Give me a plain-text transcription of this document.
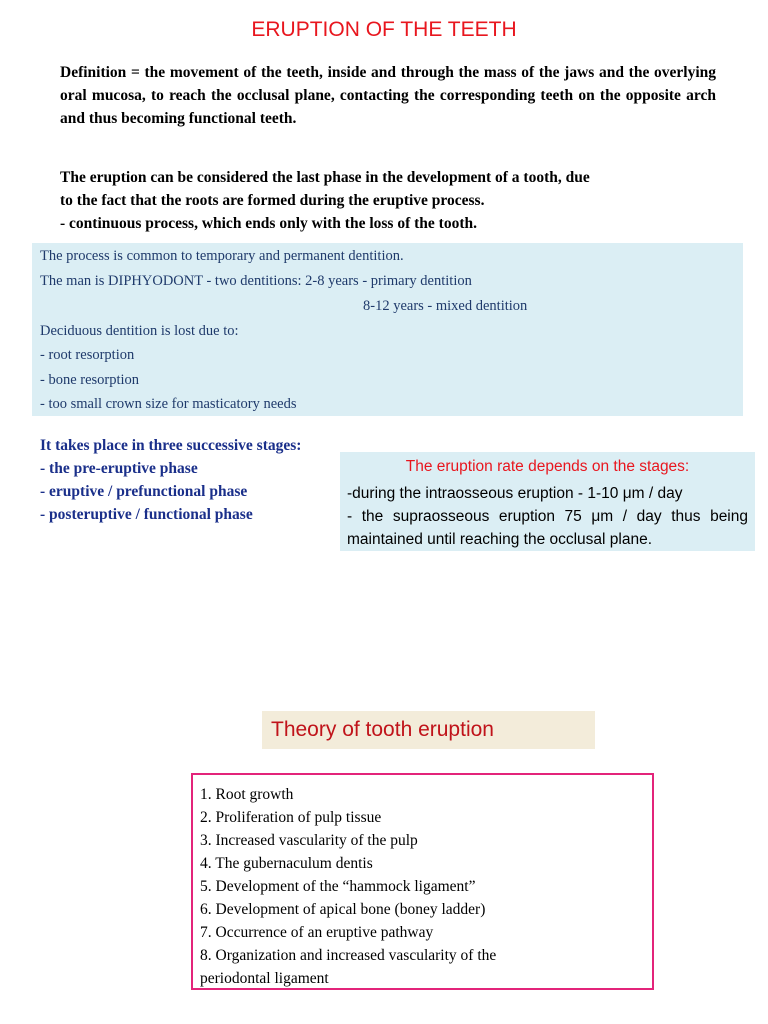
ERUPTION OF THE TEETH

Definition = the movement of the teeth, inside and through the mass of the jaws and the overlying oral mucosa, to reach the occlusal plane, contacting the corresponding teeth on the opposite arch and thus becoming functional teeth.

The eruption can be considered the last phase in the development of a tooth, due
to the fact that the roots are formed during the eruptive process.
- continuous process, which ends only with the loss of the tooth.
The process is common to temporary and permanent dentition.
The man is DIPHYODONT - two dentitions: 2-8 years - primary dentition
8-12 years - mixed dentition
Deciduous dentition is lost due to:
- root resorption
- bone resorption
- too small crown size for masticatory needs
It takes place in three successive stages:
- the pre-eruptive phase
- eruptive / prefunctional phase
- posteruptive / functional phase
The eruption rate depends on the stages:
-during the intraosseous eruption - 1-10 μm / day
- the supraosseous eruption 75 μm / day thus being
maintained until reaching the occlusal plane.
Theory of tooth eruption
1. Root growth
2. Proliferation of pulp tissue
3. Increased vascularity of the pulp
4. The gubernaculum dentis
5. Development of the “hammock ligament”
6. Development of apical bone (boney ladder)
7. Occurrence of an eruptive pathway
8. Organization and increased vascularity of the
periodontal ligament
